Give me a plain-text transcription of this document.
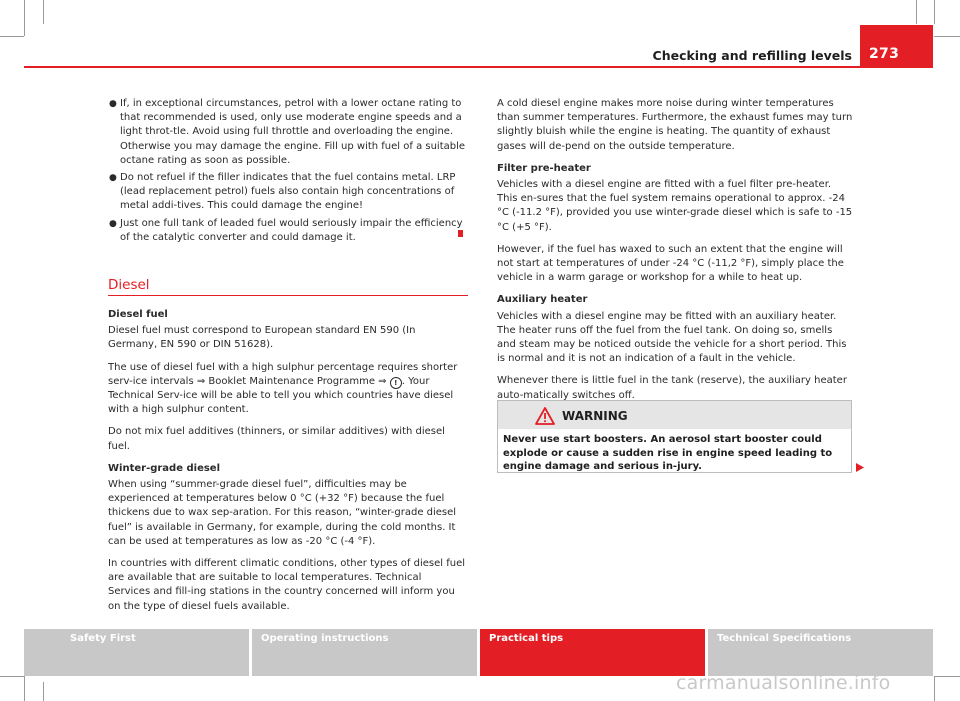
Checking and refilling levels	273
● If, in exceptional circumstances, petrol with a lower octane rating to that recommended is used, only use moderate engine speeds and a light throt-tle. Avoid using full throttle and overloading the engine. Otherwise you may damage the engine. Fill up with fuel of a suitable octane rating as soon as possible.
● Do not refuel if the filler indicates that the fuel contains metal. LRP (lead replacement petrol) fuels also contain high concentrations of metal addi-tives. This could damage the engine!
● Just one full tank of leaded fuel would seriously impair the efficiency of the catalytic converter and could damage it.
Diesel
Diesel fuel

Diesel fuel must correspond to European standard EN 590 (In Germany, EN 590 or DIN 51628).

The use of diesel fuel with a high sulphur percentage requires shorter serv-ice intervals ⇒ Booklet Maintenance Programme ⇒ ! . Your Technical Serv-ice will be able to tell you which countries have diesel with a high sulphur content.

Do not mix fuel additives (thinners, or similar additives) with diesel fuel.

Winter-grade diesel

When using “summer-grade diesel fuel”, difficulties may be experienced at temperatures below 0 °C (+32 °F) because the fuel thickens due to wax sep-aration. For this reason, “winter-grade diesel fuel” is available in Germany, for example, during the cold months. It can be used at temperatures as low as -20 °C (-4 °F).

In countries with different climatic conditions, other types of diesel fuel are available that are suitable to local temperatures. Technical Services and fill-ing stations in the country concerned will inform you on the type of diesel fuels available.

A cold diesel engine makes more noise during winter temperatures than summer temperatures. Furthermore, the exhaust fumes may turn slightly bluish while the engine is heating. The quantity of exhaust gases will de-pend on the outside temperature.

Filter pre-heater

Vehicles with a diesel engine are fitted with a fuel filter pre-heater. This en-sures that the fuel system remains operational to approx. -24 °C (-11.2 °F), provided you use winter-grade diesel which is safe to -15 °C (+5 °F).

However, if the fuel has waxed to such an extent that the engine will not start at temperatures of under -24 °C (-11,2 °F), simply place the vehicle in a warm garage or workshop for a while to heat up.

Auxiliary heater

Vehicles with a diesel engine may be fitted with an auxiliary heater. The heater runs off the fuel from the fuel tank. On doing so, smells and steam may be noticed outside the vehicle for a short period. This is normal and it is not an indication of a fault in the vehicle.

Whenever there is little fuel in the tank (reserve), the auxiliary heater auto-matically switches off.

WARNING
Never use start boosters. An aerosol start booster could explode or cause a sudden rise in engine speed leading to engine damage and serious in-jury.
Safety First	Operating instructions	Practical tips	Technical Specifications
carmanualsonline.info
